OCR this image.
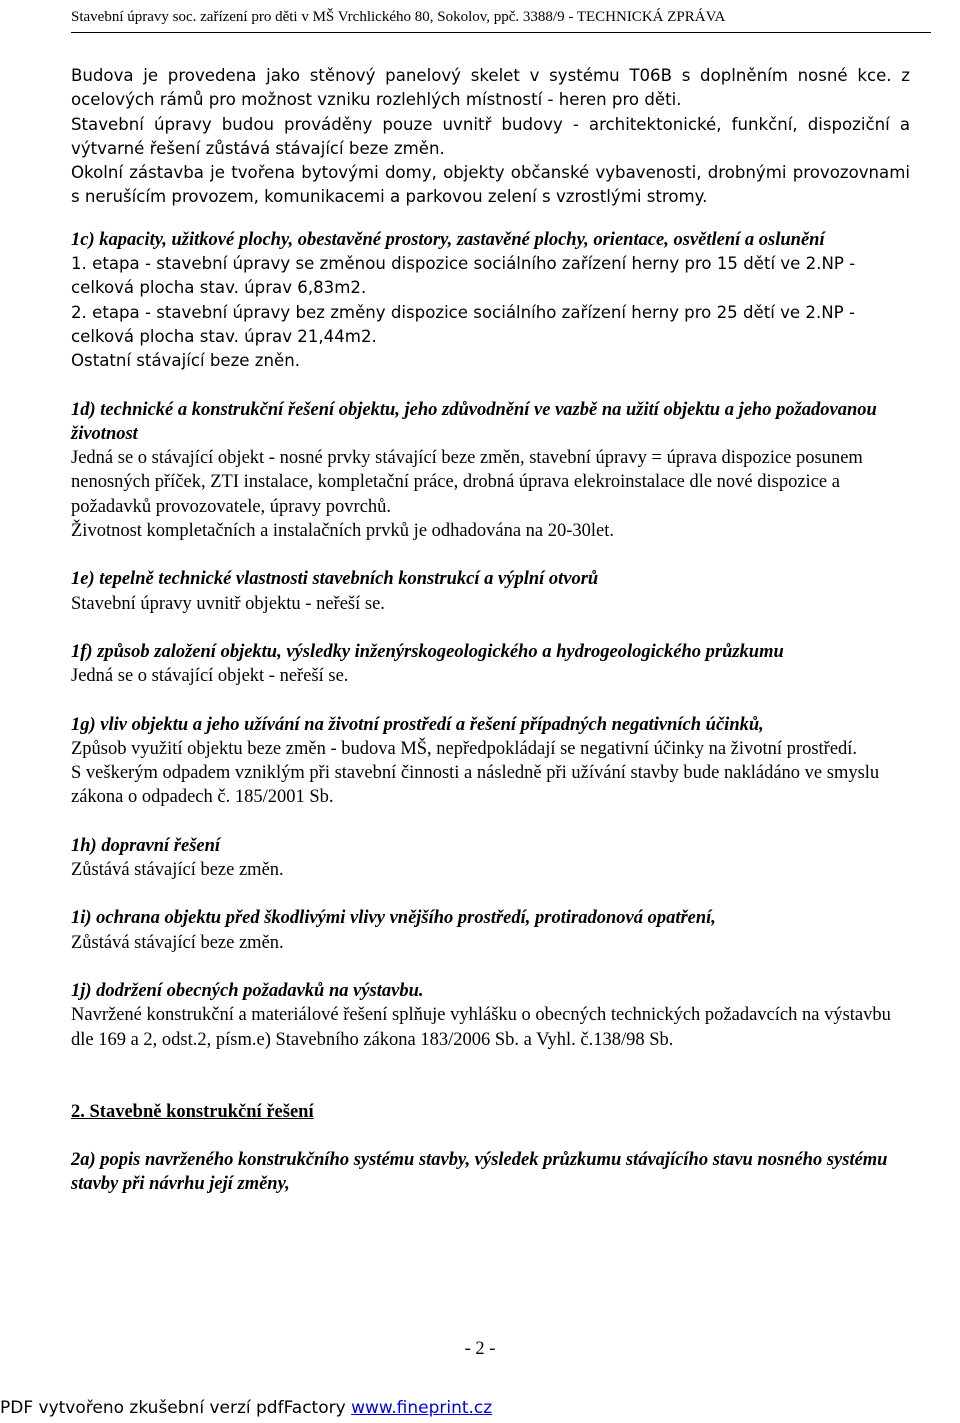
Stavební úpravy soc. zařízení pro děti v MŠ Vrchlického 80, Sokolov, ppč. 3388/9 - TECHNICKÁ ZPRÁVA

Budova je provedena jako stěnový panelový skelet v systému T06B s doplněním nosné kce. z ocelových rámů pro možnost vzniku rozlehlých místností - heren pro děti.

Stavební úpravy budou prováděny pouze uvnitř budovy - architektonické, funkční, dispoziční a výtvarné řešení zůstává stávající beze změn.

Okolní zástavba je tvořena bytovými domy, objekty občanské vybavenosti, drobnými provozovnami s nerušícím provozem, komunikacemi a parkovou zelení s vzrostlými stromy.

1c) kapacity, užitkové plochy, obestavěné prostory, zastavěné plochy, orientace, osvětlení a oslunění

1. etapa - stavební úpravy se změnou dispozice sociálního zařízení herny pro 15 dětí ve 2.NP - celková plocha stav. úprav 6,83m2.

2. etapa - stavební úpravy bez změny dispozice sociálního zařízení herny pro 25 dětí ve 2.NP - celková plocha stav. úprav 21,44m2.

Ostatní stávající beze zněn.

1d) technické a konstrukční řešení objektu, jeho zdůvodnění ve vazbě na užití objektu a jeho požadovanou životnost

Jedná se o stávající objekt - nosné prvky stávající beze změn, stavební úpravy = úprava dispozice posunem nenosných příček, ZTI instalace, kompletační práce, drobná úprava elekroinstalace dle nové dispozice a požadavků provozovatele, úpravy povrchů.

Životnost kompletačních a instalačních prvků je odhadována na 20-30let.

1e) tepelně technické vlastnosti stavebních konstrukcí a výplní otvorů

Stavební úpravy uvnitř objektu - neřeší se.

1f) způsob založení objektu, výsledky inženýrskogeologického a hydrogeologického průzkumu

Jedná se o stávající objekt - neřeší se.

1g) vliv objektu a jeho užívání na životní prostředí a řešení případných negativních účinků,

Způsob využití objektu beze změn - budova MŠ, nepředpokládají se negativní účinky na životní prostředí.

S veškerým odpadem vzniklým při stavební činnosti a následně při užívání stavby bude nakládáno ve smyslu zákona o odpadech č. 185/2001 Sb.

1h) dopravní řešení

Zůstává stávající beze změn.

1i) ochrana objektu před škodlivými vlivy vnějšího prostředí, protiradonová opatření,

Zůstává stávající beze změn.

1j) dodržení obecných požadavků na výstavbu.

Navržené konstrukční a materiálové řešení splňuje vyhlášku o obecných technických požadavcích na výstavbu dle 169 a 2, odst.2, písm.e) Stavebního zákona 183/2006 Sb. a Vyhl. č.138/98 Sb.

2. Stavebně konstrukční řešení

2a) popis navrženého konstrukčního systému stavby, výsledek průzkumu stávajícího stavu nosného systému stavby při návrhu její změny,

- 2 -
PDF vytvořeno zkušební verzí pdfFactory www.fineprint.cz
